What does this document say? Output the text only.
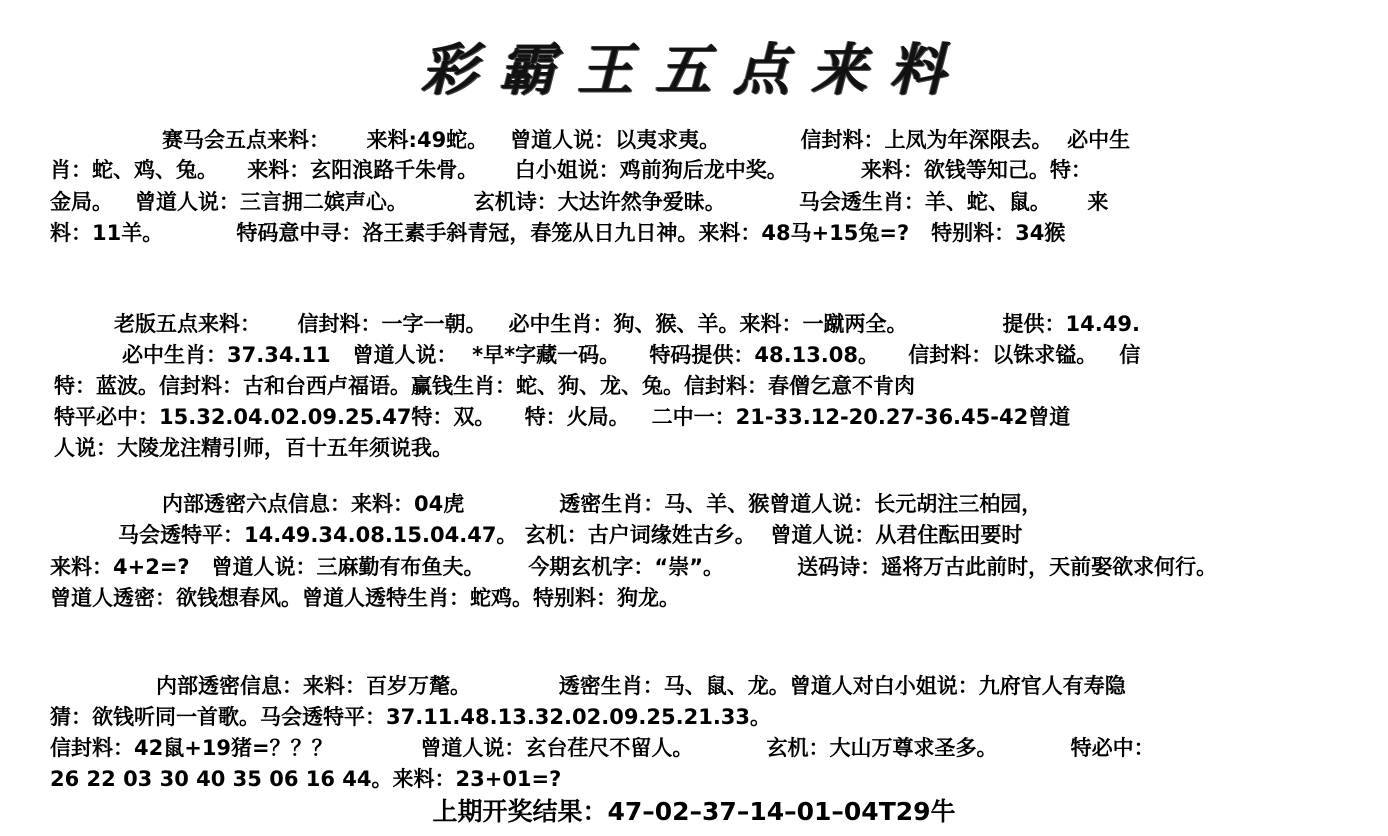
彩霸王五点来料
赛马会五点来料：     来料:49蛇。   曾道人说：以夷求夷。           信封料：上凤为年深限去。  必中生
肖：蛇、鸡、兔。    来料：玄阳浪路千朱骨。     白小姐说：鸡前狗后龙中奖。          来料：欲钱等知己。特：
金局。   曾道人说：三言拥二嫔声心。         玄机诗：大达许然争爱昧。          马会透生肖：羊、蛇、鼠。     来
料：11羊。          特码意中寻：洛王素手斜青冠，春笼从日九日神。来料：48马+15兔=?   特别料：34猴
老版五点来料：     信封料：一字一朝。   必中生肖：狗、猴、羊。来料：一蹴两全。             提供：14.49.
必中生肖：37.34.11   曾道人说：  *早*字藏一码。    特码提供：48.13.08。    信封料：以铢求镒。   信
特：蓝波。信封料：古和台西卢福语。赢钱生肖：蛇、狗、龙、兔。信封料：春僧乞意不肯肉
特平必中：15.32.04.02.09.25.47特：双。    特：火局。   二中一：21-33.12-20.27-36.45-42曾道
人说：大陵龙注精引师，百十五年须说我。
内部透密六点信息：来料：04虎             透密生肖：马、羊、猴曾道人说：长元胡注三柏园，
马会透特平：14.49.34.08.15.04.47。 玄机：古户词缘姓古乡。  曾道人说：从君住酝田要时
来料：4+2=?   曾道人说：三麻勤有布鱼夫。      今期玄机字：“崇”。          送码诗：遥将万古此前时，天前娶欲求何行。
曾道人透密：欲钱想春风。曾道人透特生肖：蛇鸡。特别料：狗龙。
内部透密信息：来料：百岁万氂。            透密生肖：马、鼠、龙。曾道人对白小姐说：九府官人有寿隐
猜：欲钱听同一首歌。马会透特平：37.11.48.13.32.02.09.25.21.33。
信封料：42鼠+19猪=？？？            曾道人说：玄台荏尺不留人。          玄机：大山万尊求圣多。          特必中：
26 22 03 30 40 35 06 16 44。来料：23+01=?
上期开奖结果：47–02–37–14–01–04T29牛
